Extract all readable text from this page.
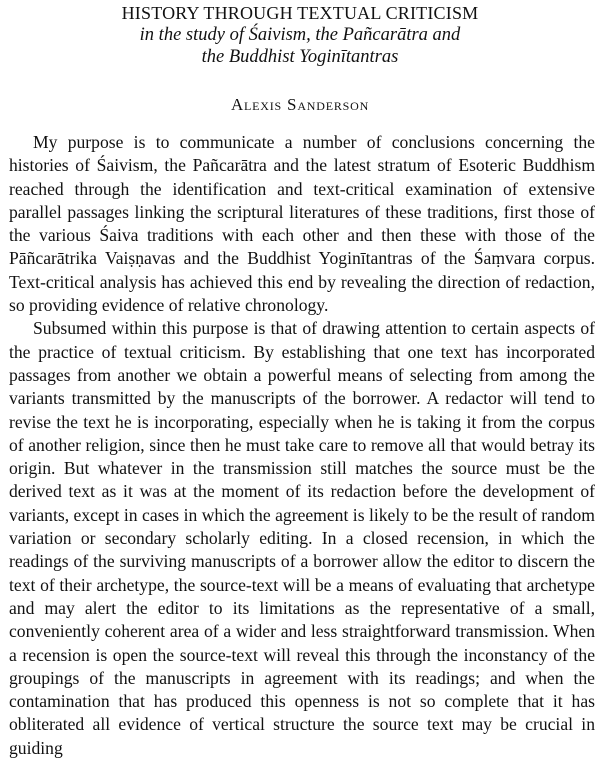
HISTORY THROUGH TEXTUAL CRITICISM
in the study of Śaivism, the Pañcarātra and
the Buddhist Yoginītantras
Alexis Sanderson

My purpose is to communicate a number of conclusions concerning the histories of Śaivism, the Pañcarātra and the latest stratum of Esoteric Buddhism reached through the identification and text-critical examination of extensive parallel passages linking the scriptural literatures of these traditions, first those of the various Śaiva traditions with each other and then these with those of the Pāñcarātrika Vaiṣṇavas and the Buddhist Yoginītantras of the Śaṃvara corpus. Text-critical analysis has achieved this end by revealing the direction of redaction, so providing evidence of relative chronology.

Subsumed within this purpose is that of drawing attention to certain aspects of the practice of textual criticism. By establishing that one text has incorporated passages from another we obtain a powerful means of selecting from among the variants transmitted by the manuscripts of the borrower. A redactor will tend to revise the text he is incorporating, especially when he is taking it from the corpus of another religion, since then he must take care to remove all that would betray its origin. But whatever in the transmission still matches the source must be the derived text as it was at the moment of its redaction before the development of variants, except in cases in which the agreement is likely to be the result of random variation or secondary scholarly editing. In a closed recension, in which the readings of the surviving manuscripts of a borrower allow the editor to discern the text of their archetype, the source-text will be a means of evaluating that archetype and may alert the editor to its limitations as the representative of a small, conveniently coherent area of a wider and less straightforward transmission. When a recension is open the source-text will reveal this through the inconstancy of the groupings of the manuscripts in agreement with its readings; and when the contamination that has produced this openness is not so complete that it has obliterated all evidence of vertical structure the source text may be crucial in guiding
